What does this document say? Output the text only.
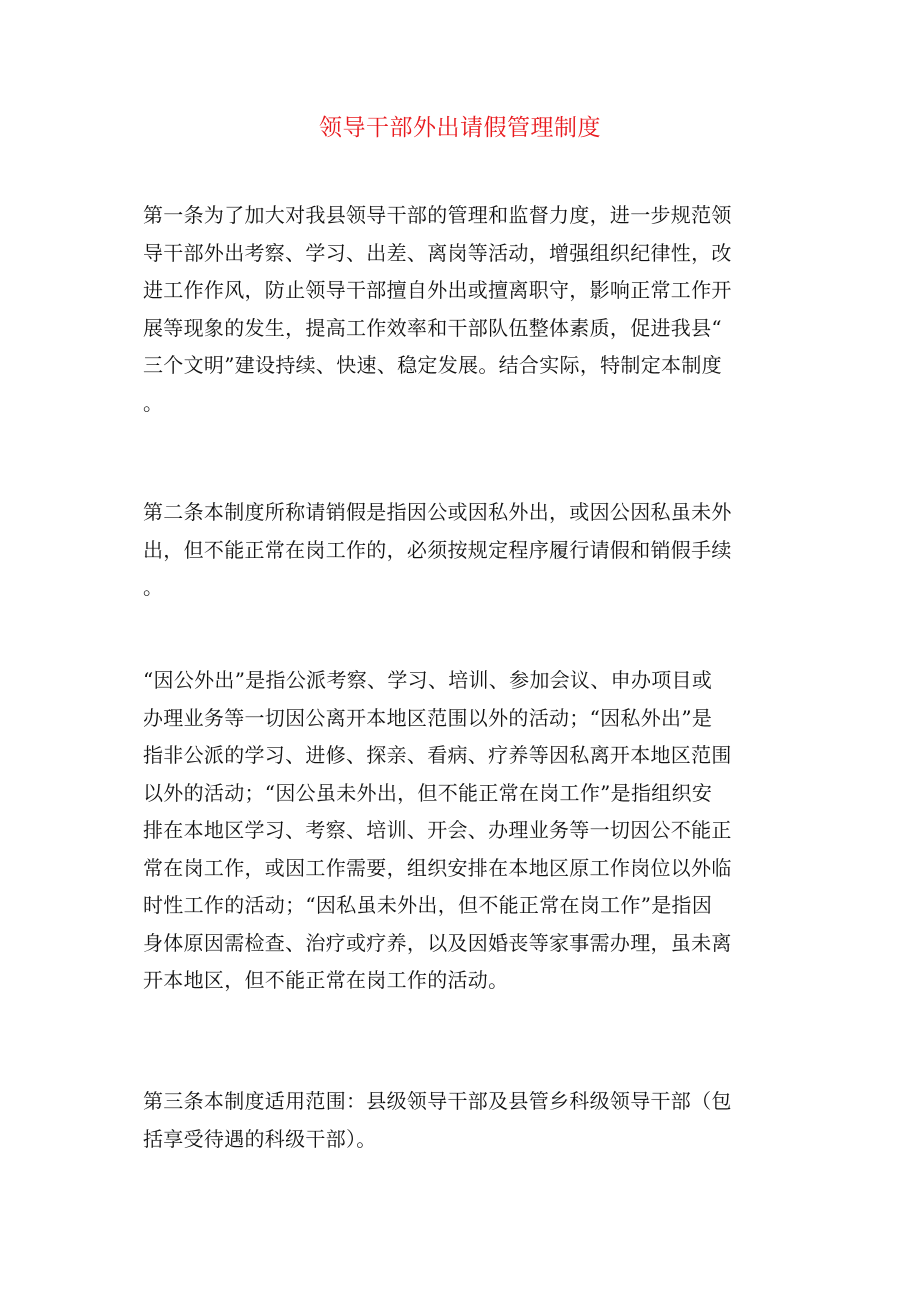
领导干部外出请假管理制度
第一条为了加大对我县领导干部的管理和监督力度，进一步规范领
导干部外出考察、学习、出差、离岗等活动，增强组织纪律性，改
进工作作风，防止领导干部擅自外出或擅离职守，影响正常工作开
展等现象的发生，提高工作效率和干部队伍整体素质，促进我县“
三个文明”建设持续、快速、稳定发展。结合实际，特制定本制度
。
第二条本制度所称请销假是指因公或因私外出，或因公因私虽未外
出，但不能正常在岗工作的，必须按规定程序履行请假和销假手续
。
“因公外出”是指公派考察、学习、培训、参加会议、申办项目或
办理业务等一切因公离开本地区范围以外的活动；“因私外出”是
指非公派的学习、进修、探亲、看病、疗养等因私离开本地区范围
以外的活动；“因公虽未外出，但不能正常在岗工作”是指组织安
排在本地区学习、考察、培训、开会、办理业务等一切因公不能正
常在岗工作，或因工作需要，组织安排在本地区原工作岗位以外临
时性工作的活动；“因私虽未外出，但不能正常在岗工作”是指因
身体原因需检查、治疗或疗养，以及因婚丧等家事需办理，虽未离
开本地区，但不能正常在岗工作的活动。
第三条本制度适用范围：县级领导干部及县管乡科级领导干部（包
括享受待遇的科级干部）。
